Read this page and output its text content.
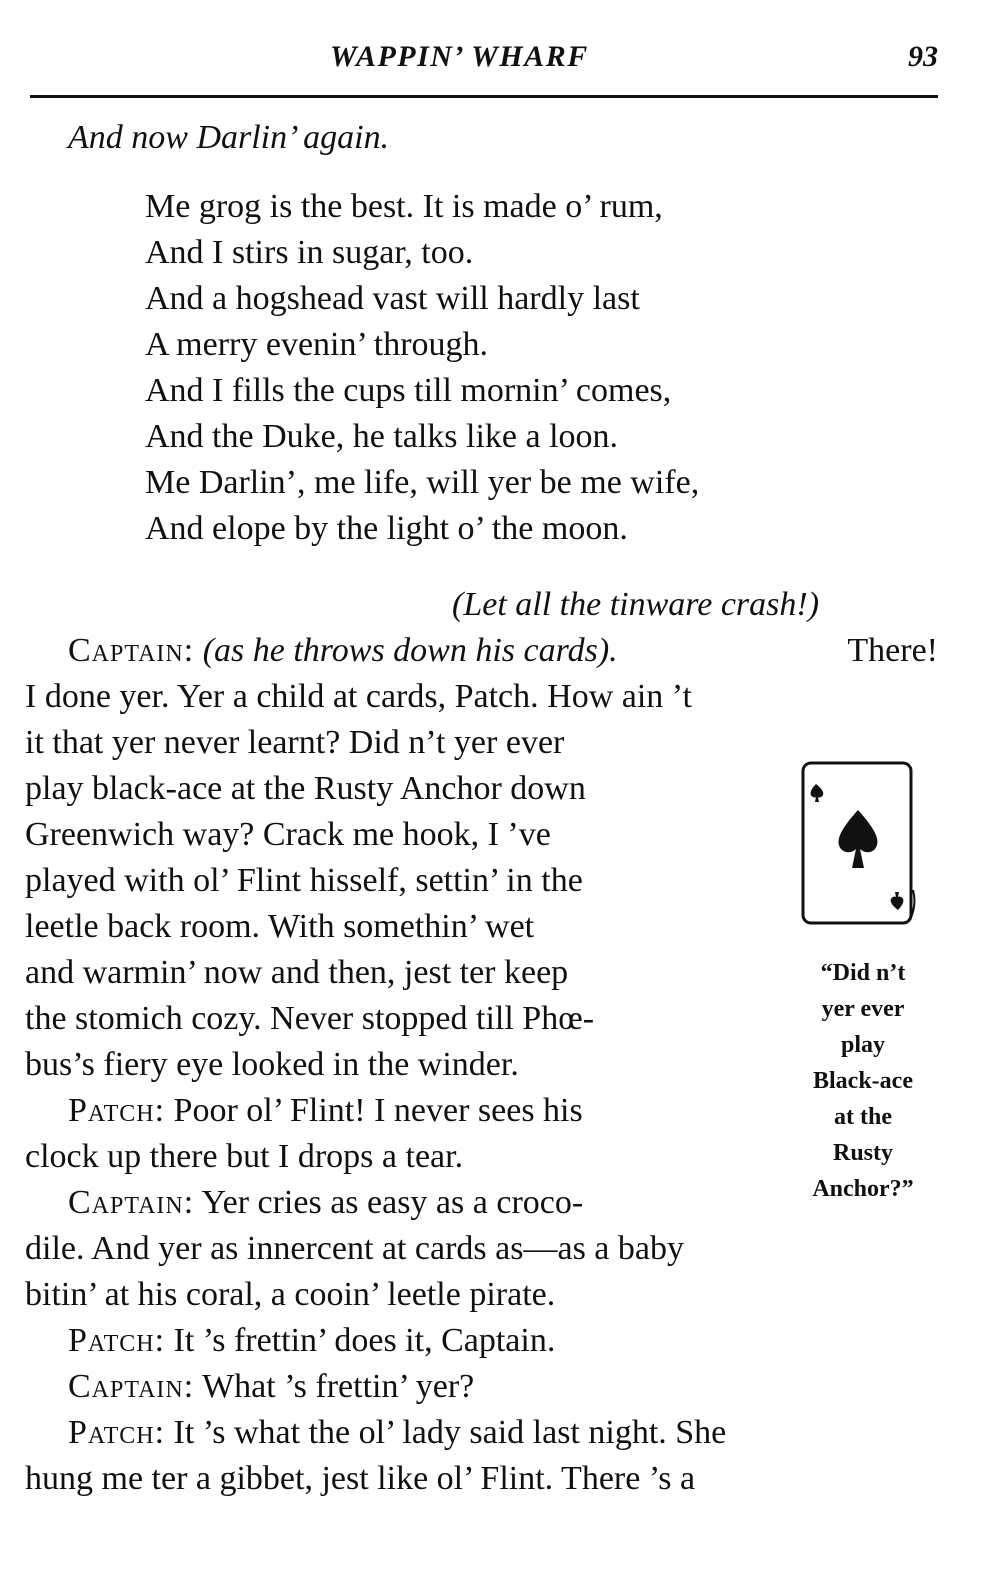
WAPPIN’ WHARF	93
And now Darlin’ again.
Me grog is the best. It is made o’ rum,
And I stirs in sugar, too.
And a hogshead vast will hardly last
A merry evenin’ through.
And I fills the cups till mornin’ comes,
And the Duke, he talks like a loon.
Me Darlin’, me life, will yer be me wife,
And elope by the light o’ the moon.
(Let all the tinware crash!)
Captain: (as he throws down his cards).	There!
I done yer. Yer a child at cards, Patch. How ain ’t
it that yer never learnt? Did n’t yer ever
play black-ace at the Rusty Anchor down
Greenwich way? Crack me hook, I ’ve
played with ol’ Flint hisself, settin’ in the
leetle back room. With somethin’ wet
and warmin’ now and then, jest ter keep
the stomich cozy. Never stopped till Phœ-
bus’s fiery eye looked in the winder.
Patch: Poor ol’ Flint! I never sees his
clock up there but I drops a tear.
Captain: Yer cries as easy as a croco-
dile. And yer as innercent at cards as—as a baby
bitin’ at his coral, a cooin’ leetle pirate.
Patch: It ’s frettin’ does it, Captain.
Captain: What ’s frettin’ yer?
Patch: It ’s what the ol’ lady said last night. She
hung me ter a gibbet, jest like ol’ Flint. There ’s a
“Did n’t
yer ever
play
Black-ace
at the
Rusty
Anchor?”
